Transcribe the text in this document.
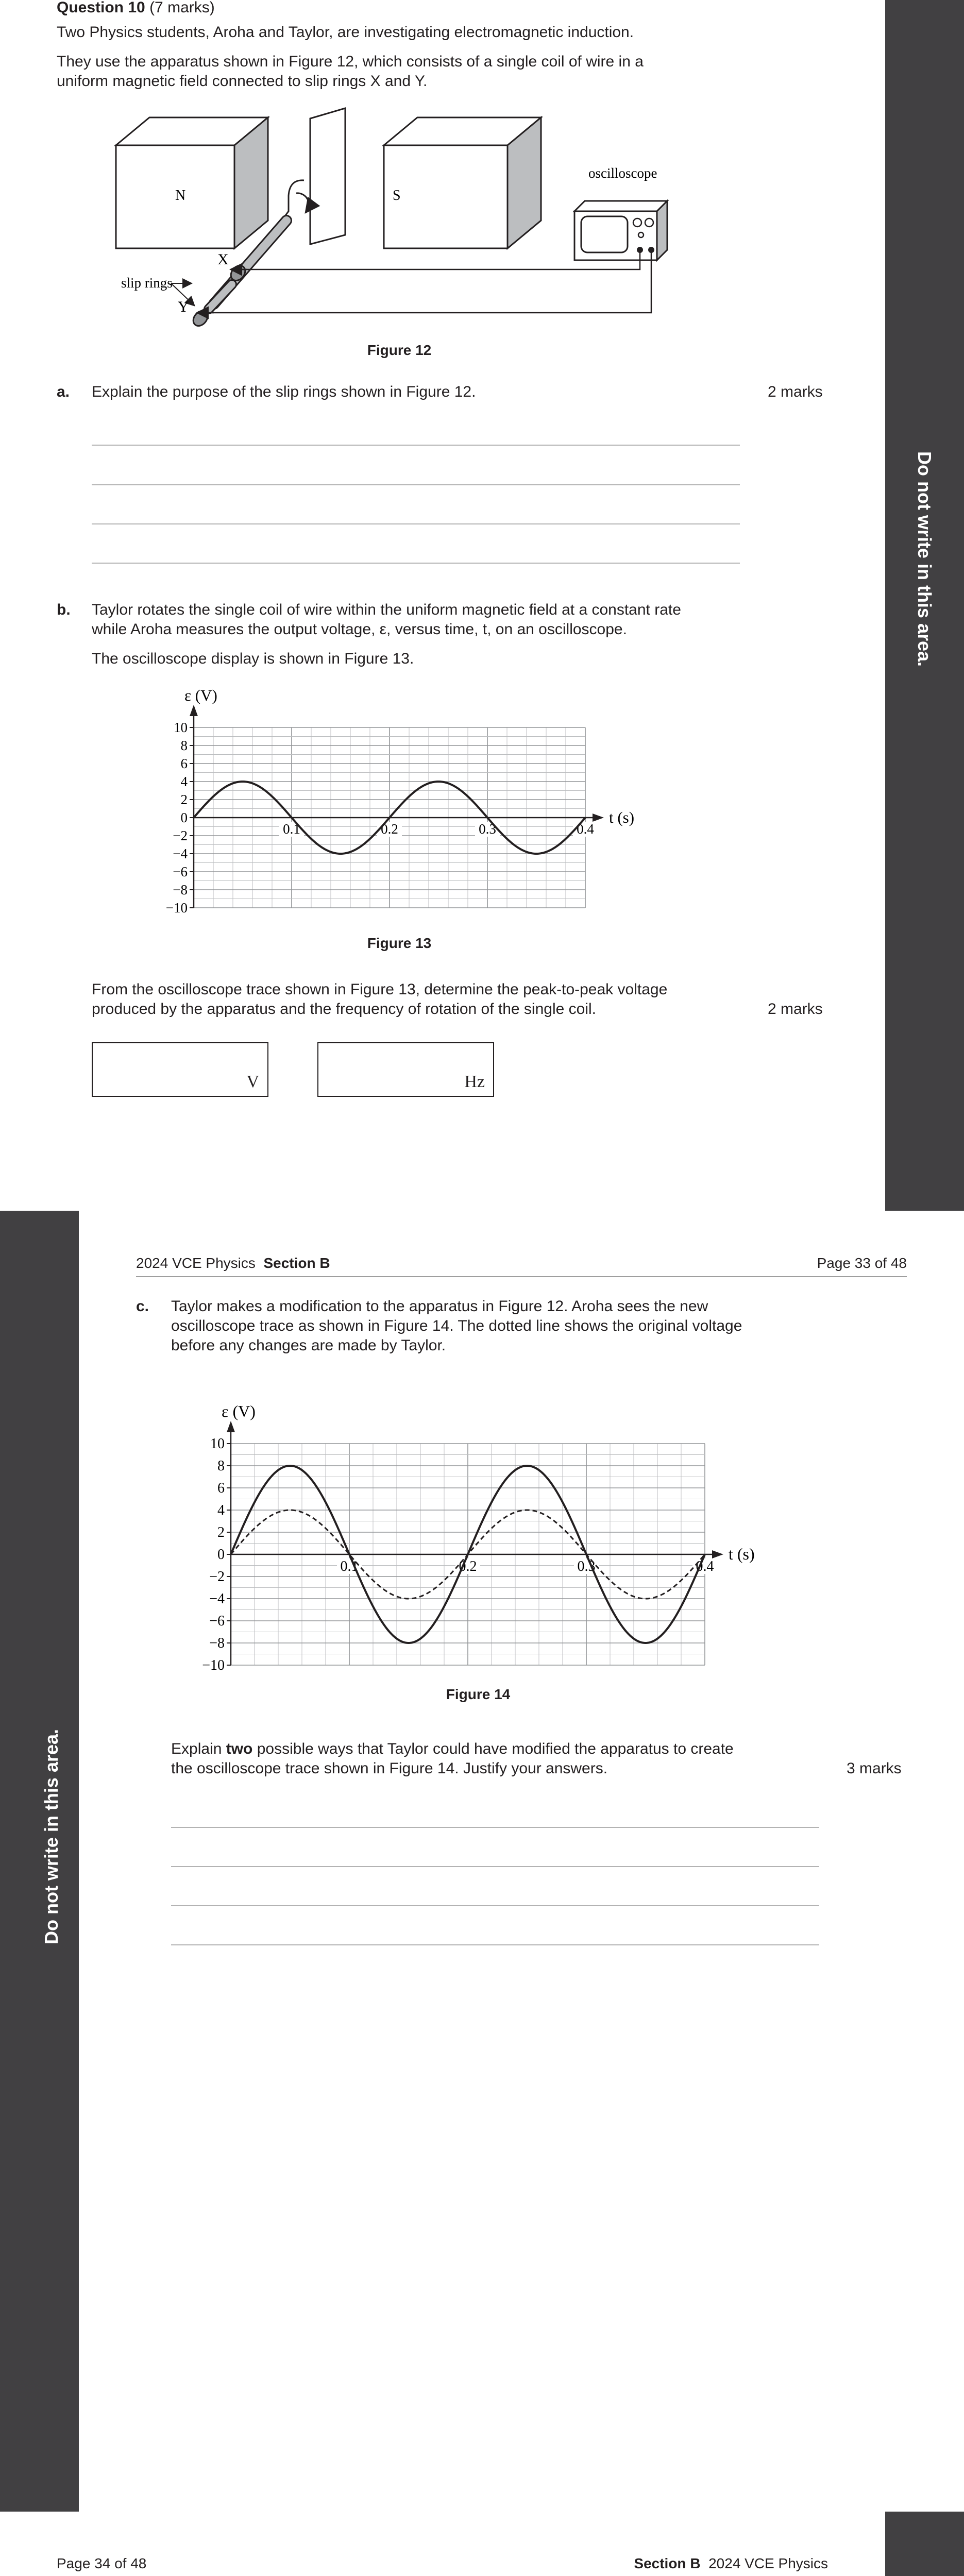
Do not write in this area.
Question 10 (7 marks)
Two Physics students, Aroha and Taylor, are investigating electromagnetic induction.
They use the apparatus shown in Figure 12, which consists of a single coil of wire in a
uniform magnetic field connected to slip rings X and Y.
N	S
oscilloscope
X
Y
slip rings
Figure 12
a. Explain the purpose of the slip rings shown in Figure 12.	2 marks
b. Taylor rotates the single coil of wire within the uniform magnetic field at a constant rate
while Aroha measures the output voltage, ε, versus time, t, on an oscilloscope.
The oscilloscope display is shown in Figure 13.
10
8
6
4
2
0
−2
−4
−6
−8
−10
0.1	0.2	0.3	0.4
ε (V)
t (s)
Figure 13
From the oscilloscope trace shown in Figure 13, determine the peak-to-peak voltage
produced by the apparatus and the frequency of rotation of the single coil.	2 marks
V	Hz
Do not write in this area.
2024 VCE Physics Section B	Page 33 of 48
c. Taylor makes a modification to the apparatus in Figure 12. Aroha sees the new
oscilloscope trace as shown in Figure 14. The dotted line shows the original voltage
before any changes are made by Taylor.
10
8
6
4
2
0
−2
−4
−6
−8
−10
0.1	0.2	0.3	0.4
ε (V)
t (s)
Figure 14
Explain two possible ways that Taylor could have modified the apparatus to create
the oscilloscope trace shown in Figure 14. Justify your answers.	3 marks
Page 34 of 48	Section B 2024 VCE Physics
